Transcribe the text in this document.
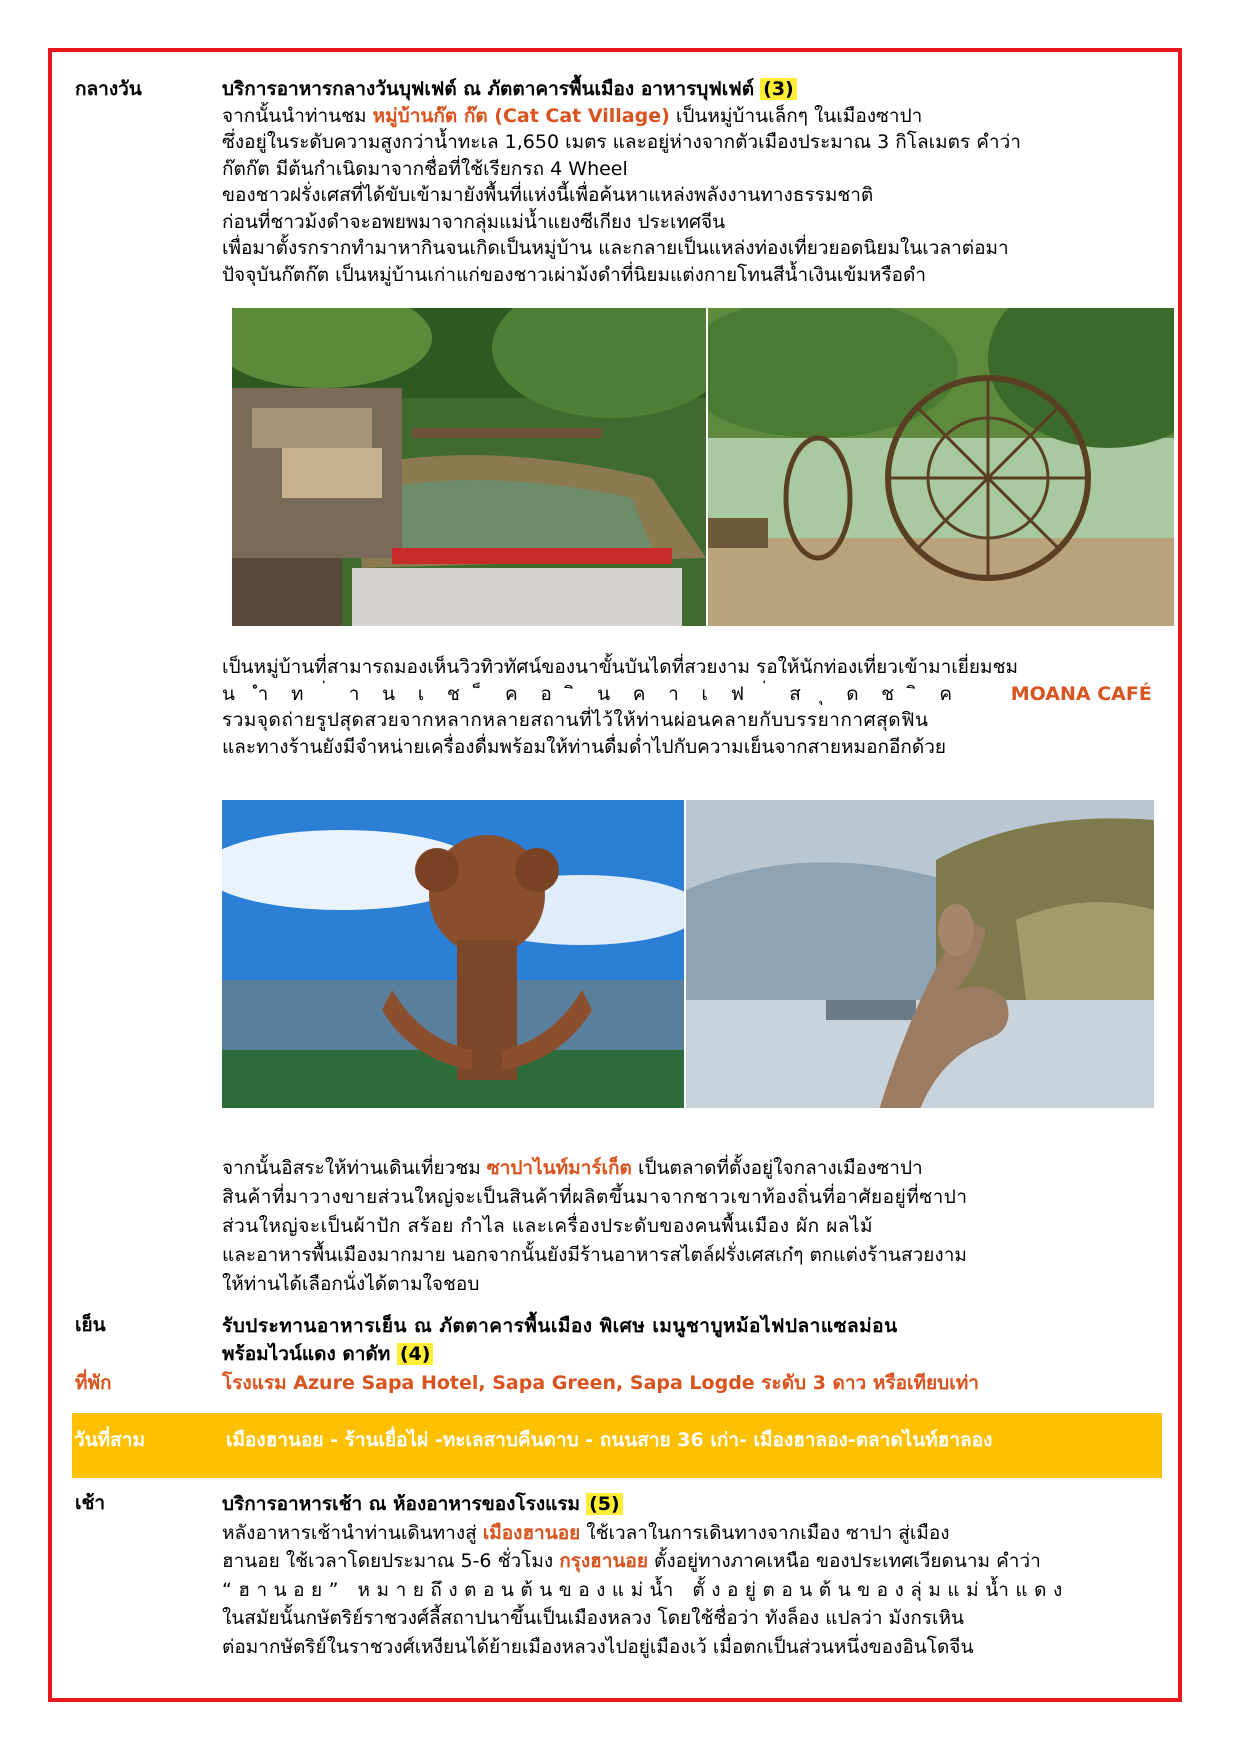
กลางวัน	บริการอาหารกลางวันบุฟเฟต์ ณ ภัตตาคารพื้นเมือง อาหารบุฟเฟต์ (3)
จากนั้นนำท่านชม หมู่บ้านก๊ต ก๊ต (Cat Cat Village) เป็นหมู่บ้านเล็กๆ ในเมืองซาปา
ซึ่งอยู่ในระดับความสูงกว่าน้ำทะเล 1,650 เมตร และอยู่ห่างจากตัวเมืองประมาณ 3 กิโลเมตร คำว่า
ก๊ตก๊ต มีต้นกำเนิดมาจากชื่อที่ใช้เรียกรถ 4 Wheel
ของชาวฝรั่งเศสที่ได้ขับเข้ามายังพื้นที่แห่งนี้เพื่อค้นหาแหล่งพลังงานทางธรรมชาติ
ก่อนที่ชาวม้งดำจะอพยพมาจากลุ่มแม่น้ำแยงซีเกียง ประเทศจีน
เพื่อมาตั้งรกรากทำมาหากินจนเกิดเป็นหมู่บ้าน และกลายเป็นแหล่งท่องเที่ยวยอดนิยมในเวลาต่อมา
ปัจจุบันก๊ตก๊ต เป็นหมู่บ้านเก่าแก่ของชาวเผ่าม้งดำที่นิยมแต่งกายโทนสีน้ำเงินเข้มหรือดำ
เป็นหมู่บ้านที่สามารถมองเห็นวิวทิวทัศน์ของนาขั้นบันไดที่สวยงาม รอให้นักท่องเที่ยวเข้ามาเยี่ยมชม
น ำ ท า น เ ช ค อ น ค า เ ฟ ส ด ช ค	MOANA CAFÉ
รวมจุดถ่ายรูปสุดสวยจากหลากหลายสถานที่ไว้ให้ท่านผ่อนคลายกับบรรยากาศสุดฟิน
และทางร้านยังมีจำหน่ายเครื่องดื่มพร้อมให้ท่านดื่มด่ำไปกับความเย็นจากสายหมอกอีกด้วย
จากนั้นอิสระให้ท่านเดินเที่ยวชม ซาปาไนท์มาร์เก็ต เป็นตลาดที่ตั้งอยู่ใจกลางเมืองซาปา
สินค้าที่มาวางขายส่วนใหญ่จะเป็นสินค้าที่ผลิตขึ้นมาจากชาวเขาท้องถิ่นที่อาศัยอยู่ที่ซาปา
ส่วนใหญ่จะเป็นผ้าปัก สร้อย กำไล และเครื่องประดับของคนพื้นเมือง ผัก ผลไม้
และอาหารพื้นเมืองมากมาย นอกจากนั้นยังมีร้านอาหารสไตล์ฝรั่งเศสเก๋ๆ ตกแต่งร้านสวยงาม
ให้ท่านได้เลือกนั่งได้ตามใจชอบ
เย็น	รับประทานอาหารเย็น ณ ภัตตาคารพื้นเมือง พิเศษ เมนูชาบูหม้อไฟปลาแซลม่อน
พร้อมไวน์แดง ดาดัท (4)
ที่พัก	โรงแรม Azure Sapa Hotel, Sapa Green, Sapa Logde ระดับ 3 ดาว หรือเทียบเท่า
วันที่สาม	เมืองฮานอย - ร้านเยื่อไผ่ -ทะเลสาบคืนดาบ - ถนนสาย 36 เก่า- เมืองฮาลอง-ตลาดไนท์ฮาลอง
เช้า	บริการอาหารเช้า ณ ห้องอาหารของโรงแรม (5)
หลังอาหารเช้านำท่านเดินทางสู่ เมืองฮานอย ใช้เวลาในการเดินทางจากเมือง ซาปา สู่เมือง
ฮานอย ใช้เวลาโดยประมาณ 5-6 ชั่วโมง กรุงฮานอย ตั้งอยู่ทางภาคเหนือ ของประเทศเวียดนาม คำว่า
“ฮานอย” หมายถึงตอนต้นของแม่น้ำ ตั้งอยู่ตอนต้นของลุ่มแม่น้ำแดง
ในสมัยนั้นกษัตริย์ราชวงศ์ลี้สถาปนาขึ้นเป็นเมืองหลวง โดยใช้ชื่อว่า ทังล็อง แปลว่า มังกรเหิน
ต่อมากษัตริย์ในราชวงศ์เหงียนได้ย้ายเมืองหลวงไปอยู่เมืองเว้ เมื่อตกเป็นส่วนหนึ่งของอินโดจีน
